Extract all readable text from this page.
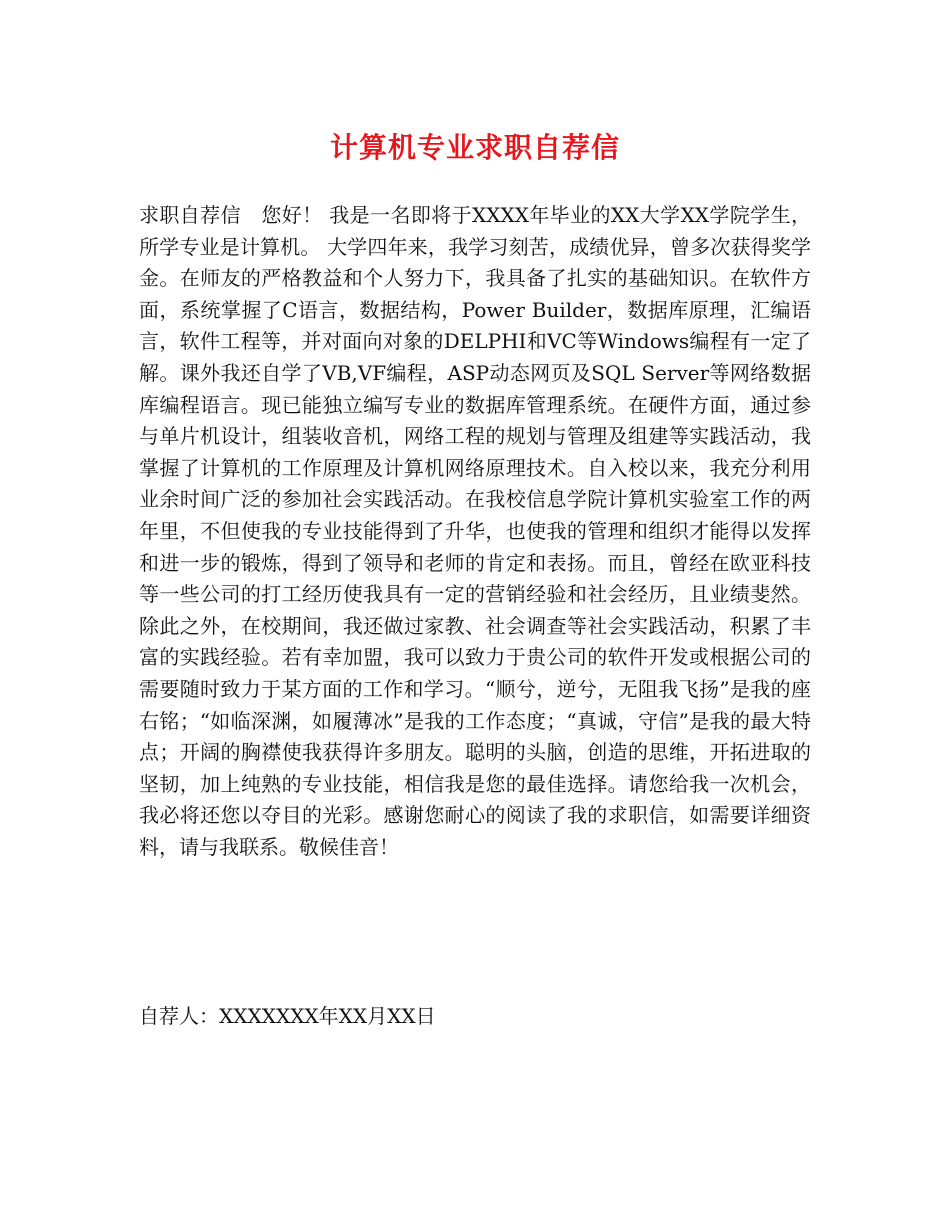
计算机专业求职自荐信

求职自荐信　您好！ 我是一名即将于XXXX年毕业的XX大学XX学院学生，所学专业是计算机。 大学四年来，我学习刻苦，成绩优异，曾多次获得奖学金。在师友的严格教益和个人努力下，我具备了扎实的基础知识。在软件方面，系统掌握了C语言，数据结构，Power Builder，数据库原理，汇编语言，软件工程等，并对面向对象的DELPHI和VC等Windows编程有一定了解。课外我还自学了VB,VF编程，ASP动态网页及SQL Server等网络数据库编程语言。现已能独立编写专业的数据库管理系统。在硬件方面，通过参与单片机设计，组装收音机，网络工程的规划与管理及组建等实践活动，我掌握了计算机的工作原理及计算机网络原理技术。自入校以来，我充分利用业余时间广泛的参加社会实践活动。在我校信息学院计算机实验室工作的两年里，不但使我的专业技能得到了升华，也使我的管理和组织才能得以发挥和进一步的锻炼，得到了领导和老师的肯定和表扬。而且，曾经在欧亚科技等一些公司的打工经历使我具有一定的营销经验和社会经历，且业绩斐然。除此之外，在校期间，我还做过家教、社会调查等社会实践活动，积累了丰富的实践经验。若有幸加盟，我可以致力于贵公司的软件开发或根据公司的需要随时致力于某方面的工作和学习。“顺兮，逆兮，无阻我飞扬”是我的座右铭；“如临深渊，如履薄冰”是我的工作态度；“真诚，守信”是我的最大特点；开阔的胸襟使我获得许多朋友。聪明的头脑，创造的思维，开拓进取的坚韧，加上纯熟的专业技能，相信我是您的最佳选择。请您给我一次机会，我必将还您以夺目的光彩。感谢您耐心的阅读了我的求职信，如需要详细资料，请与我联系。敬候佳音！

自荐人：XXXXXXX年XX月XX日
